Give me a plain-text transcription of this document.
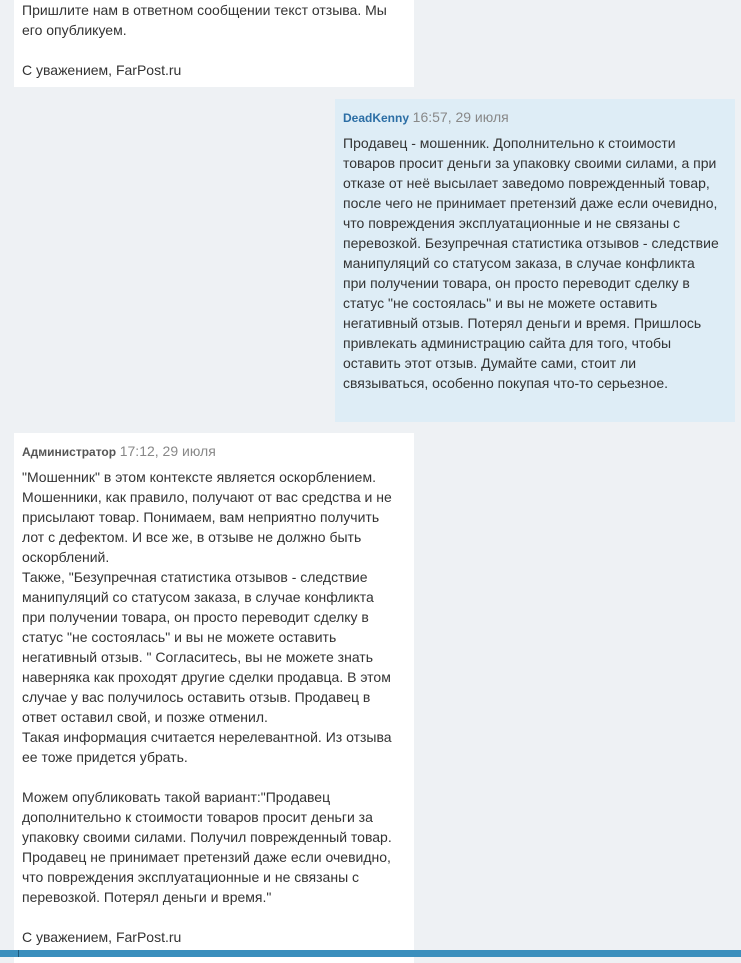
Пришлите нам в ответном сообщении текст отзыва. Мы
его опубликуем.
С уважением, FarPost.ru
DeadKenny 16:57, 29 июля
Продавец - мошенник. Дополнительно к стоимости
товаров просит деньги за упаковку своими силами, а при
отказе от неё высылает заведомо поврежденный товар,
после чего не принимает претензий даже если очевидно,
что повреждения эксплуатационные и не связаны с
перевозкой. Безупречная статистика отзывов - следствие
манипуляций со статусом заказа, в случае конфликта
при получении товара, он просто переводит сделку в
статус "не состоялась" и вы не можете оставить
негативный отзыв. Потерял деньги и время. Пришлось
привлекать администрацию сайта для того, чтобы
оставить этот отзыв. Думайте сами, стоит ли
связываться, особенно покупая что-то серьезное.
Администратор 17:12, 29 июля
"Мошенник" в этом контексте является оскорблением.
Мошенники, как правило, получают от вас средства и не
присылают товар. Понимаем, вам неприятно получить
лот с дефектом. И все же, в отзыве не должно быть
оскорблений.
Также, "Безупречная статистика отзывов - следствие
манипуляций со статусом заказа, в случае конфликта
при получении товара, он просто переводит сделку в
статус "не состоялась" и вы не можете оставить
негативный отзыв. " Согласитесь, вы не можете знать
наверняка как проходят другие сделки продавца. В этом
случае у вас получилось оставить отзыв. Продавец в
ответ оставил свой, и позже отменил.
Такая информация считается нерелевантной. Из отзыва
ее тоже придется убрать.
Можем опубликовать такой вариант:"Продавец
дополнительно к стоимости товаров просит деньги за
упаковку своими силами. Получил поврежденный товар.
Продавец не принимает претензий даже если очевидно,
что повреждения эксплуатационные и не связаны с
перевозкой. Потерял деньги и время."
С уважением, FarPost.ru
